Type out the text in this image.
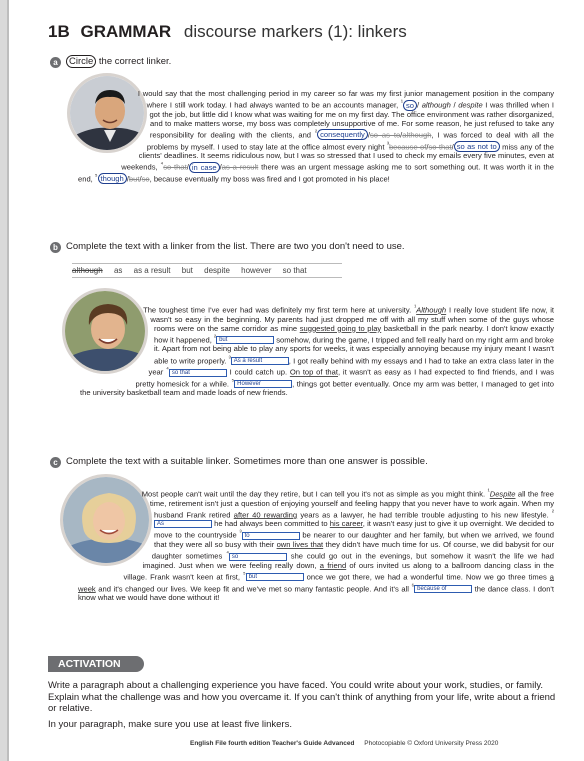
1B GRAMMAR discourse markers (1): linkers
a	Circle the correct linker.
I would say that the most challenging period in my career so far was my first junior management position in the company where I still work today. I had always wanted to be an accounts manager, $^{^1}$ so / although / despite I was thrilled when I got the job, but little did I know what was waiting for me on my first day. The office environment was rather disorganized, and to make matters worse, my boss was completely unsupportive of me. For some reason, he just refused to take any responsibility for dealing with the clients, and $^{^2}$ consequently /so as to/although, I was forced to deal with all the problems by myself. I used to stay late at the office almost every night $^{^3}$because of/so that/ so as not to miss any of the clients' deadlines. It seems ridiculous now, but I was so stressed that I used to check my emails every five minutes, even at weekends, $^{^4}$so that/ in case /as a result there was an urgent message asking me to sort something out. It was worth it in the end, $^{^5}$ though /but/so, because eventually my boss was fired and I got promoted in his place!
b Complete the text with a linker from the list. There are two you don't need to use.
although as as a result but despite however so that
The toughest time I've ever had was definitely my first term here at university. $^{^1}$Although I really love student life now, it wasn't so easy in the beginning. My parents had just dropped me off with all my stuff when some of the guys whose rooms were on the same corridor as mine suggested going to play basketball in the park nearby. I don't know exactly how it happened, $^{^2}$ but	somehow, during the game, I tripped and fell really hard on my right arm and broke it. Apart from not being able to play any sports for weeks, it was especially annoying because my injury meant I wasn't able to write properly. $^{^3}$ As a result	, I got really behind with my essays and I had to take an extra class later in the year $^{^4}$ so that	I could catch up. On top of that, it wasn't as easy as I had expected to find friends, and I was pretty homesick for a while. $^{^5}$ However	, things got better eventually. Once my arm was better, I managed to get into the university basketball team and made loads of new friends.
c Complete the text with a suitable linker. Sometimes more than one answer is possible.
Most people can't wait until the day they retire, but I can tell you it's not as simple as you might think. $^{^1}$Despite all the free time, retirement isn't just a question of enjoying yourself and feeling happy that you never have to work again. When my husband Frank retired after 40 rewarding years as a lawyer, he had terrible trouble adjusting to his new lifestyle. $^{^2}$As	he had always been committed to his career, it wasn't easy just to give it up overnight. We decided to move to the countryside $^{^3}$ to	be nearer to our daughter and her family, but when we arrived, we found that they were all so busy with their own lives that they didn't have much time for us. Of course, we did babysit for our daughter sometimes $^{^4}$ so	she could go out in the evenings, but somehow it wasn't the life we had imagined. Just when we were feeling really down, a friend of ours invited us along to a ballroom dancing class in the village. Frank wasn't keen at first, $^{^5}$ but	once we got there, we had a wonderful time. Now we go three times a week and it's changed our lives. We keep fit and we've met so many fantastic people. And it's all $^{^6}$ because of	the dance class. I don't know what we would have done without it!
ACTIVATION

Write a paragraph about a challenging experience you have faced. You could write about your work, studies, or family. Explain what the challenge was and how you overcame it. If you can't think of anything from your life, write about a friend or relative.

In your paragraph, make sure you use at least five linkers.

English File fourth edition Teacher's Guide Advanced Photocopiable © Oxford University Press 2020
